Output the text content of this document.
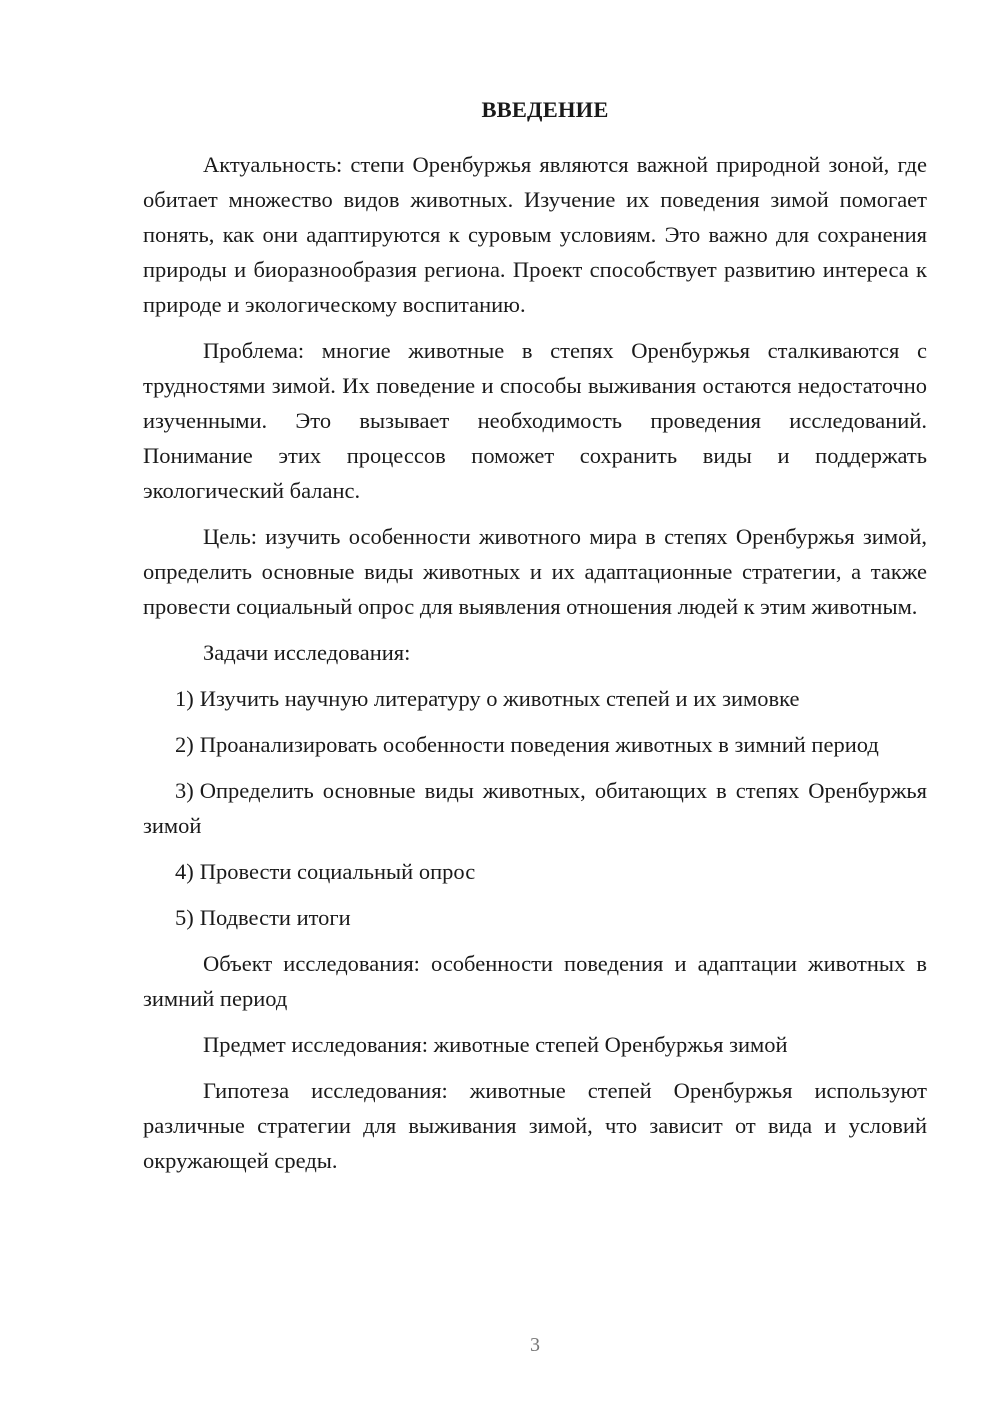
ВВЕДЕНИЕ

Актуальность: степи Оренбуржья являются важной природной зоной, где обитает множество видов животных. Изучение их поведения зимой помогает понять, как они адаптируются к суровым условиям. Это важно для сохранения природы и биоразнообразия региона. Проект способствует развитию интереса к природе и экологическому воспитанию.

Проблема: многие животные в степях Оренбуржья сталкиваются с трудностями зимой. Их поведение и способы выживания остаются недостаточно изученными. Это вызывает необходимость проведения исследований. Понимание этих процессов поможет сохранить виды и поддержать экологический баланс.

Цель: изучить особенности животного мира в степях Оренбуржья зимой, определить основные виды животных и их адаптационные стратегии, а также провести социальный опрос для выявления отношения людей к этим животным.

Задачи исследования:

1) Изучить научную литературу о животных степей и их зимовке

2) Проанализировать особенности поведения животных в зимний период

3) Определить основные виды животных, обитающих в степях Оренбуржья зимой

4) Провести социальный опрос

5) Подвести итоги

Объект исследования: особенности поведения и адаптации животных в зимний период

Предмет исследования: животные степей Оренбуржья зимой

Гипотеза исследования: животные степей Оренбуржья используют различные стратегии для выживания зимой, что зависит от вида и условий окружающей среды.

3
